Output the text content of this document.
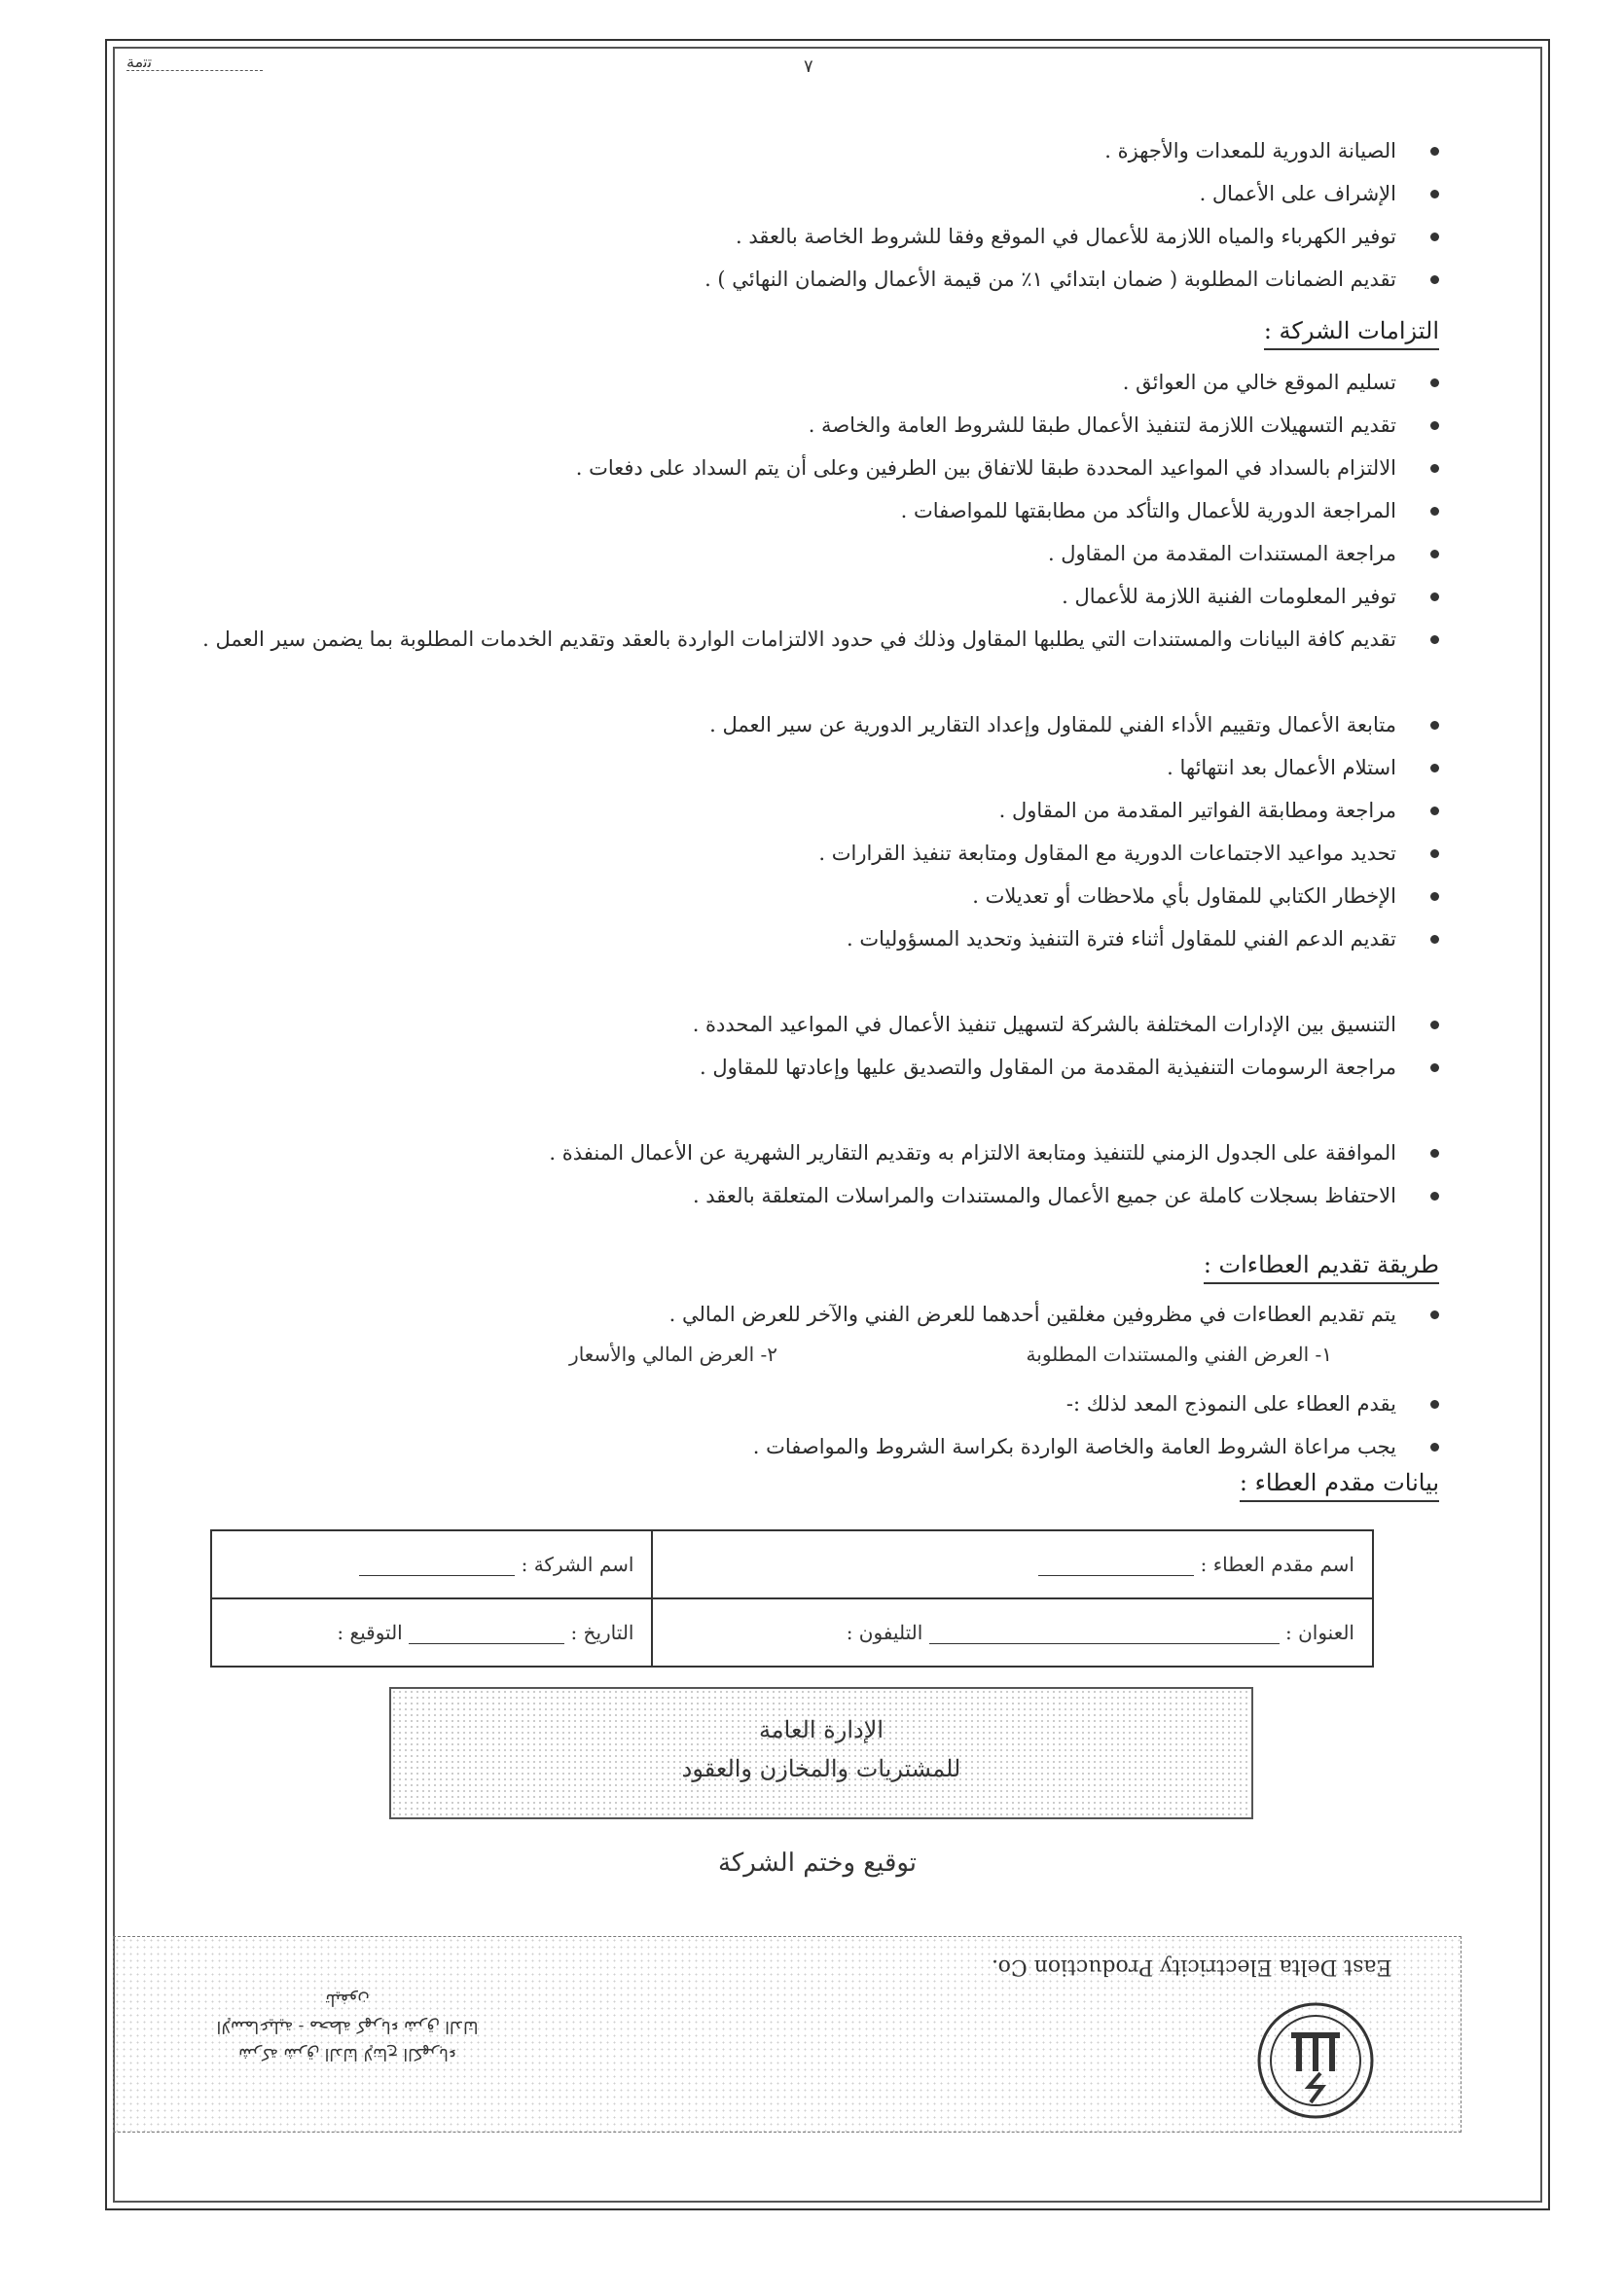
ﺗﺗﻣﺔ	٧
الصيانة الدورية للمعدات والأجهزة .
الإشراف على الأعمال .
توفير الكهرباء والمياه اللازمة للأعمال في الموقع وفقا للشروط الخاصة بالعقد .
تقديم الضمانات المطلوبة ( ضمان ابتدائي ١٪ من قيمة الأعمال والضمان النهائي ) .
التزامات الشركة :
تسليم الموقع خالي من العوائق .
تقديم التسهيلات اللازمة لتنفيذ الأعمال طبقا للشروط العامة والخاصة .
الالتزام بالسداد في المواعيد المحددة طبقا للاتفاق بين الطرفين وعلى أن يتم السداد على دفعات .
المراجعة الدورية للأعمال والتأكد من مطابقتها للمواصفات .
مراجعة المستندات المقدمة من المقاول .
توفير المعلومات الفنية اللازمة للأعمال .
تقديم كافة البيانات والمستندات التي يطلبها المقاول وذلك في حدود الالتزامات الواردة بالعقد وتقديم الخدمات المطلوبة بما يضمن سير العمل .
متابعة الأعمال وتقييم الأداء الفني للمقاول وإعداد التقارير الدورية عن سير العمل .
استلام الأعمال بعد انتهائها .
مراجعة ومطابقة الفواتير المقدمة من المقاول .
تحديد مواعيد الاجتماعات الدورية مع المقاول ومتابعة تنفيذ القرارات .
الإخطار الكتابي للمقاول بأي ملاحظات أو تعديلات .
تقديم الدعم الفني للمقاول أثناء فترة التنفيذ وتحديد المسؤوليات .
التنسيق بين الإدارات المختلفة بالشركة لتسهيل تنفيذ الأعمال في المواعيد المحددة .
مراجعة الرسومات التنفيذية المقدمة من المقاول والتصديق عليها وإعادتها للمقاول .
الموافقة على الجدول الزمني للتنفيذ ومتابعة الالتزام به وتقديم التقارير الشهرية عن الأعمال المنفذة .
الاحتفاظ بسجلات كاملة عن جميع الأعمال والمستندات والمراسلات المتعلقة بالعقد .
طريقة تقديم العطاءات :
يتم تقديم العطاءات في مظروفين مغلقين أحدهما للعرض الفني والآخر للعرض المالي .
يقدم العطاء على النموذج المعد لذلك :-
يجب مراعاة الشروط العامة والخاصة الواردة بكراسة الشروط والمواصفات .
١- العرض الفني والمستندات المطلوبة
٢- العرض المالي والأسعار
بيانات مقدم العطاء :
اسم مقدم العطاء :	اسم الشركة :
العنوان :  التليفون :	التاريخ :  التوقيع :
الإدارة العامة
للمشتريات والمخازن والعقود
توقيع وختم الشركة
East Delta Electricity Production Co.
شركة شرق الدلتا لإنتاج الكهرباء
الإسماعيلية - محطة كهرباء شرق الدلتا
تليفون
